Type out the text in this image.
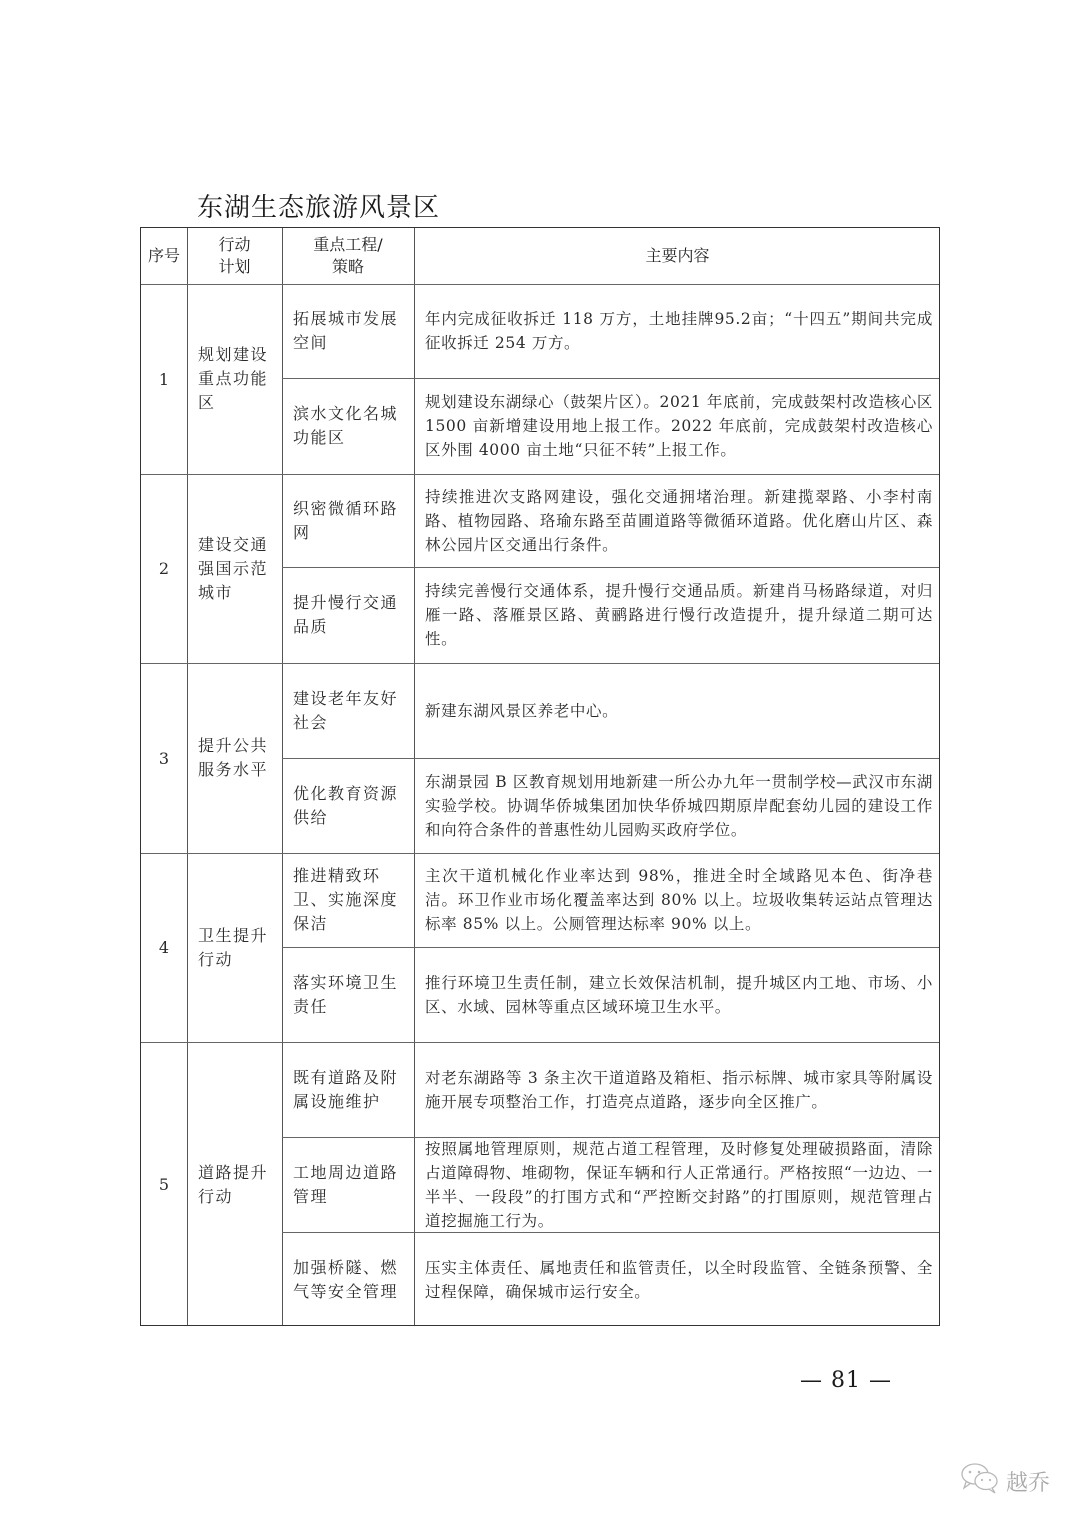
东湖生态旅游风景区
序号
行动
计划
重点工程/
策略
主要内容
1
规划建设重点功能区
拓展城市发展空间
年内完成征收拆迁 118 万方，土地挂牌95.2亩；“十四五”期间共完成征收拆迁 254 万方。
滨水文化名城功能区
规划建设东湖绿心（鼓架片区）。2021 年底前，完成鼓架村改造核心区 1500 亩新增建设用地上报工作。2022 年底前，完成鼓架村改造核心区外围 4000 亩土地“只征不转”上报工作。
2
建设交通强国示范城市
织密微循环路网
持续推进次支路网建设，强化交通拥堵治理。新建揽翠路、小李村南路、植物园路、珞瑜东路至苗圃道路等微循环道路。优化磨山片区、森林公园片区交通出行条件。
提升慢行交通品质
持续完善慢行交通体系，提升慢行交通品质。新建肖马杨路绿道，对归雁一路、落雁景区路、黄鹂路进行慢行改造提升，提升绿道二期可达性。
3
提升公共服务水平
建设老年友好社会
新建东湖风景区养老中心。
优化教育资源供给
东湖景园 B 区教育规划用地新建一所公办九年一贯制学校—武汉市东湖实验学校。协调华侨城集团加快华侨城四期原岸配套幼儿园的建设工作和向符合条件的普惠性幼儿园购买政府学位。
4
卫生提升行动
推进精致环卫、实施深度保洁
主次干道机械化作业率达到 98%，推进全时全域路见本色、街净巷洁。环卫作业市场化覆盖率达到 80% 以上。垃圾收集转运站点管理达标率 85% 以上。公厕管理达标率 90% 以上。
落实环境卫生责任
推行环境卫生责任制，建立长效保洁机制，提升城区内工地、市场、小区、水域、园林等重点区域环境卫生水平。
5
道路提升行动
既有道路及附属设施维护
对老东湖路等 3 条主次干道道路及箱柜、指示标牌、城市家具等附属设施开展专项整治工作，打造亮点道路，逐步向全区推广。
工地周边道路管理
按照属地管理原则，规范占道工程管理，及时修复处理破损路面，清除占道障碍物、堆砌物，保证车辆和行人正常通行。严格按照“一边边、一半半、一段段”的打围方式和“严控断交封路”的打围原则，规范管理占道挖掘施工行为。
加强桥隧、燃气等安全管理
压实主体责任、属地责任和监管责任，以全时段监管、全链条预警、全过程保障，确保城市运行安全。
— 81 —
越乔
